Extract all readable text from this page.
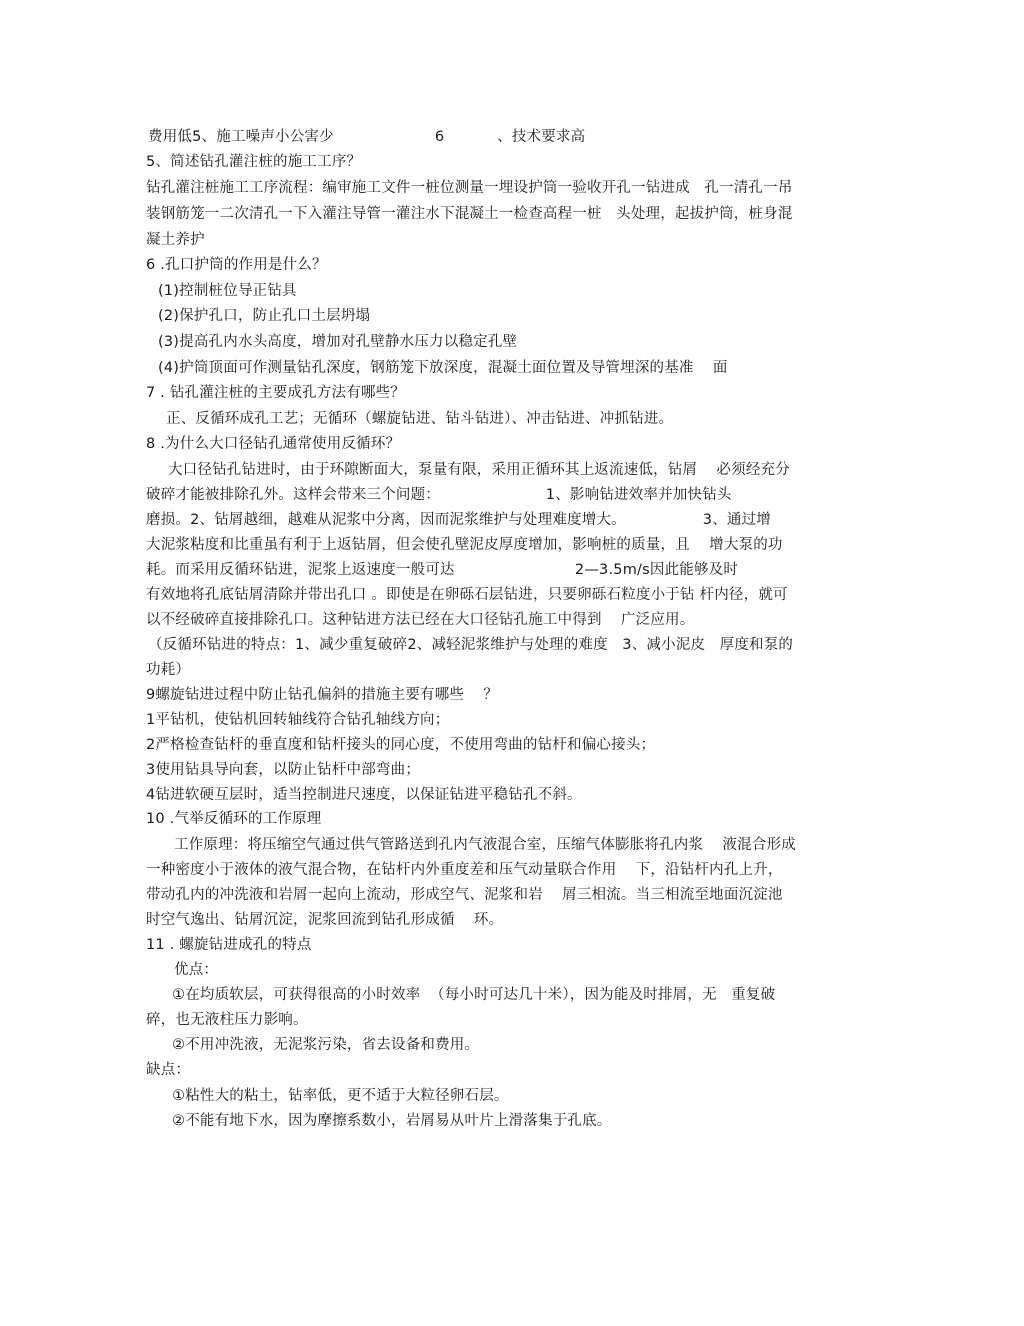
费用低5、施工噪声小公害少                     6           、技术要求高
5、简述钻孔灌注桩的施工工序？
钻孔灌注桩施工工序流程：编审施工文件一桩位测量一埋设护筒一验收开孔一钻进成   孔一清孔一吊
装钢筋笼一二次清孔一下入灌注导管一灌注水下混凝土一检查高程一桩   头处理，起拔护筒，桩身混
凝土养护
6 .孔口护筒的作用是什么？
(1)控制桩位导正钻具
(2)保护孔口，防止孔口土层坍塌
(3)提高孔内水头高度，增加对孔壁静水压力以稳定孔壁
(4)护筒顶面可作测量钻孔深度，钢筋笼下放深度，混凝土面位置及导管埋深的基准    面
7 . 钻孔灌注桩的主要成孔方法有哪些？
正、反循环成孔工艺；无循环（螺旋钻进、钻斗钻进）、冲击钻进、冲抓钻进。
8 .为什么大口径钻孔通常使用反循环？
大口径钻孔钻进时，由于环隙断面大，泵量有限，采用正循环其上返流速低，钻屑    必须经充分
破碎才能被排除孔外。这样会带来三个问题：                      1、影响钻进效率并加快钻头
磨损。2、钻屑越细，越难从泥浆中分离，因而泥浆维护与处理难度增大。                3、通过增
大泥浆粘度和比重虽有利于上返钻屑，但会使孔壁泥皮厚度增加，影响桩的质量，且    增大泵的功
耗。而采用反循环钻进，泥浆上返速度一般可达                         2—3.5m/s因此能够及时
有效地将孔底钻屑清除并带出孔口 。即使是在卵砾石层钻进，只要卵砾石粒度小于钻 杆内径，就可
以不经破碎直接排除孔口。这种钻进方法已经在大口径钻孔施工中得到    广泛应用。
（反循环钻进的特点：1、减少重复破碎2、减轻泥浆维护与处理的难度   3、减小泥皮   厚度和泵的
功耗）
9螺旋钻进过程中防止钻孔偏斜的措施主要有哪些    ？
1平钻机，使钻机回转轴线符合钻孔轴线方向；
2严格检查钻杆的垂直度和钻杆接头的同心度，不使用弯曲的钻杆和偏心接头；
3使用钻具导向套，以防止钻杆中部弯曲；
4钻进软硬互层时，适当控制进尺速度，以保证钻进平稳钻孔不斜。
10 .气举反循环的工作原理
工作原理：将压缩空气通过供气管路送到孔内气液混合室，压缩气体膨胀将孔内浆    液混合形成
一种密度小于液体的液气混合物，在钻杆内外重度差和压气动量联合作用    下，沿钻杆内孔上升，
带动孔内的冲洗液和岩屑一起向上流动，形成空气、泥浆和岩    屑三相流。当三相流至地面沉淀池
时空气逸出、钻屑沉淀，泥浆回流到钻孔形成循    环。
11 . 螺旋钻进成孔的特点
优点：
①在均质软层，可获得很高的小时效率  （每小时可达几十米），因为能及时排屑，无   重复破
碎，也无液柱压力影响。
②不用冲洗液，无泥浆污染，省去设备和费用。
缺点：
①粘性大的粘土，钻率低，更不适于大粒径卵石层。
②不能有地下水，因为摩擦系数小，岩屑易从叶片上滑落集于孔底。
